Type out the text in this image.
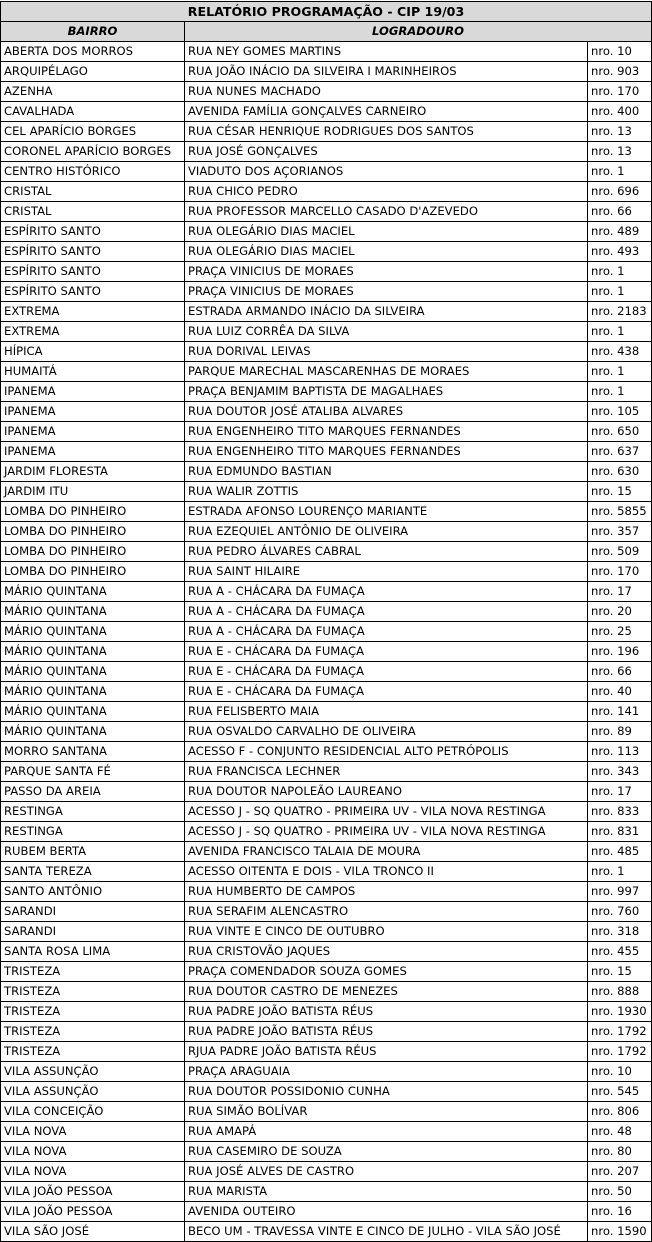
RELATÓRIO PROGRAMAÇÃO - CIP 19/03		
BAIRRO	LOGRADOURO	
ABERTA DOS MORROS	RUA NEY GOMES MARTINS	nro. 10
ARQUIPÉLAGO	RUA JOÃO INÁCIO DA SILVEIRA I MARINHEIROS	nro. 903
AZENHA	RUA NUNES MACHADO	nro. 170
CAVALHADA	AVENIDA FAMÍLIA GONÇALVES CARNEIRO	nro. 400
CEL APARÍCIO BORGES	RUA CÉSAR HENRIQUE RODRIGUES DOS SANTOS	nro. 13
CORONEL APARÍCIO BORGES	RUA JOSÉ GONÇALVES	nro. 13
CENTRO HISTÓRICO	VIADUTO DOS AÇORIANOS	nro. 1
CRISTAL	RUA CHICO PEDRO	nro. 696
CRISTAL	RUA PROFESSOR MARCELLO CASADO D'AZEVEDO	nro. 66
ESPÍRITO SANTO	RUA OLEGÁRIO DIAS MACIEL	nro. 489
ESPÍRITO SANTO	RUA OLEGÁRIO DIAS MACIEL	nro. 493
ESPÍRITO SANTO	PRAÇA VINICIUS DE MORAES	nro. 1
ESPÍRITO SANTO	PRAÇA VINICIUS DE MORAES	nro. 1
EXTREMA	ESTRADA ARMANDO INÁCIO DA SILVEIRA	nro. 2183
EXTREMA	RUA LUIZ CORRÊA DA SILVA	nro. 1
HÍPICA	RUA DORIVAL LEIVAS	nro. 438
HUMAITÁ	PARQUE MARECHAL MASCARENHAS DE MORAES	nro. 1
IPANEMA	PRAÇA BENJAMIM BAPTISTA DE MAGALHAES	nro. 1
IPANEMA	RUA DOUTOR JOSÉ ATALIBA ALVARES	nro. 105
IPANEMA	RUA ENGENHEIRO TITO MARQUES FERNANDES	nro. 650
IPANEMA	RUA ENGENHEIRO TITO MARQUES FERNANDES	nro. 637
JARDIM FLORESTA	RUA EDMUNDO BASTIAN	nro. 630
JARDIM ITU	RUA WALIR ZOTTIS	nro. 15
LOMBA DO PINHEIRO	ESTRADA AFONSO LOURENÇO MARIANTE	nro. 5855
LOMBA DO PINHEIRO	RUA EZEQUIEL ANTÔNIO DE OLIVEIRA	nro. 357
LOMBA DO PINHEIRO	RUA PEDRO ÁLVARES CABRAL	nro. 509
LOMBA DO PINHEIRO	RUA SAINT HILAIRE	nro. 170
MÁRIO QUINTANA	RUA A - CHÁCARA DA FUMAÇA	nro. 17
MÁRIO QUINTANA	RUA A - CHÁCARA DA FUMAÇA	nro. 20
MÁRIO QUINTANA	RUA A - CHÁCARA DA FUMAÇA	nro. 25
MÁRIO QUINTANA	RUA E - CHÁCARA DA FUMAÇA	nro. 196
MÁRIO QUINTANA	RUA E - CHÁCARA DA FUMAÇA	nro. 66
MÁRIO QUINTANA	RUA E - CHÁCARA DA FUMAÇA	nro. 40
MÁRIO QUINTANA	RUA FELISBERTO MAIA	nro. 141
MÁRIO QUINTANA	RUA OSVALDO CARVALHO DE OLIVEIRA	nro. 89
MORRO SANTANA	ACESSO F - CONJUNTO RESIDENCIAL ALTO PETRÓPOLIS	nro. 113
PARQUE SANTA FÉ	RUA FRANCISCA LECHNER	nro. 343
PASSO DA AREIA	RUA DOUTOR NAPOLEÃO LAUREANO	nro. 17
RESTINGA	ACESSO J - SQ QUATRO - PRIMEIRA UV - VILA NOVA RESTINGA	nro. 833
RESTINGA	ACESSO J - SQ QUATRO - PRIMEIRA UV - VILA NOVA RESTINGA	nro. 831
RUBEM BERTA	AVENIDA FRANCISCO TALAIA DE MOURA	nro. 485
SANTA TEREZA	ACESSO OITENTA E DOIS - VILA TRONCO II	nro. 1
SANTO ANTÔNIO	RUA HUMBERTO DE CAMPOS	nro. 997
SARANDI	RUA SERAFIM ALENCASTRO	nro. 760
SARANDI	RUA VINTE E CINCO DE OUTUBRO	nro. 318
SANTA ROSA LIMA	RUA CRISTOVÃO JAQUES	nro. 455
TRISTEZA	PRAÇA COMENDADOR SOUZA GOMES	nro. 15
TRISTEZA	RUA DOUTOR CASTRO DE MENEZES	nro. 888
TRISTEZA	RUA PADRE JOÃO BATISTA RÉUS	nro. 1930
TRISTEZA	RUA PADRE JOÃO BATISTA RÉUS	nro. 1792
TRISTEZA	RJUA PADRE JOÃO BATISTA RÉUS	nro. 1792
VILA ASSUNÇÃO	PRAÇA ARAGUAIA	nro. 10
VILA ASSUNÇÃO	RUA DOUTOR POSSIDONIO CUNHA	nro. 545
VILA CONCEIÇÃO	RUA SIMÃO BOLÍVAR	nro. 806
VILA NOVA	RUA AMAPÁ	nro. 48
VILA NOVA	RUA CASEMIRO DE SOUZA	nro. 80
VILA NOVA	RUA JOSÉ ALVES DE CASTRO	nro. 207
VILA JOÃO PESSOA	RUA MARISTA	nro. 50
VILA JOÃO PESSOA	AVENIDA OUTEIRO	nro. 16
VILA SÃO JOSÉ	BECO UM - TRAVESSA VINTE E CINCO DE JULHO - VILA SÃO JOSÉ	nro. 1590
